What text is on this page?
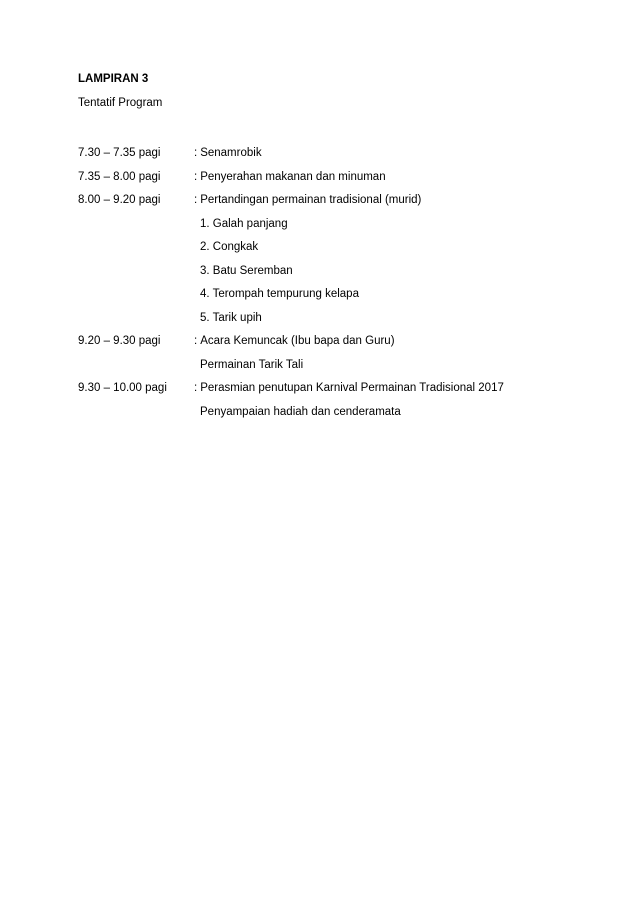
LAMPIRAN 3

Tentatif Program

7.30 – 7.35 pagi	: Senamrobik
7.35 – 8.00 pagi	: Penyerahan makanan dan minuman
8.00 – 9.20 pagi	: Pertandingan permainan tradisional (murid)
1. Galah panjang
2. Congkak
3. Batu Seremban
4. Terompah tempurung kelapa
5. Tarik upih
9.20 – 9.30 pagi	: Acara Kemuncak (Ibu bapa dan Guru)
Permainan Tarik Tali
9.30 – 10.00 pagi	: Perasmian penutupan Karnival Permainan Tradisional 2017
Penyampaian hadiah dan cenderamata
